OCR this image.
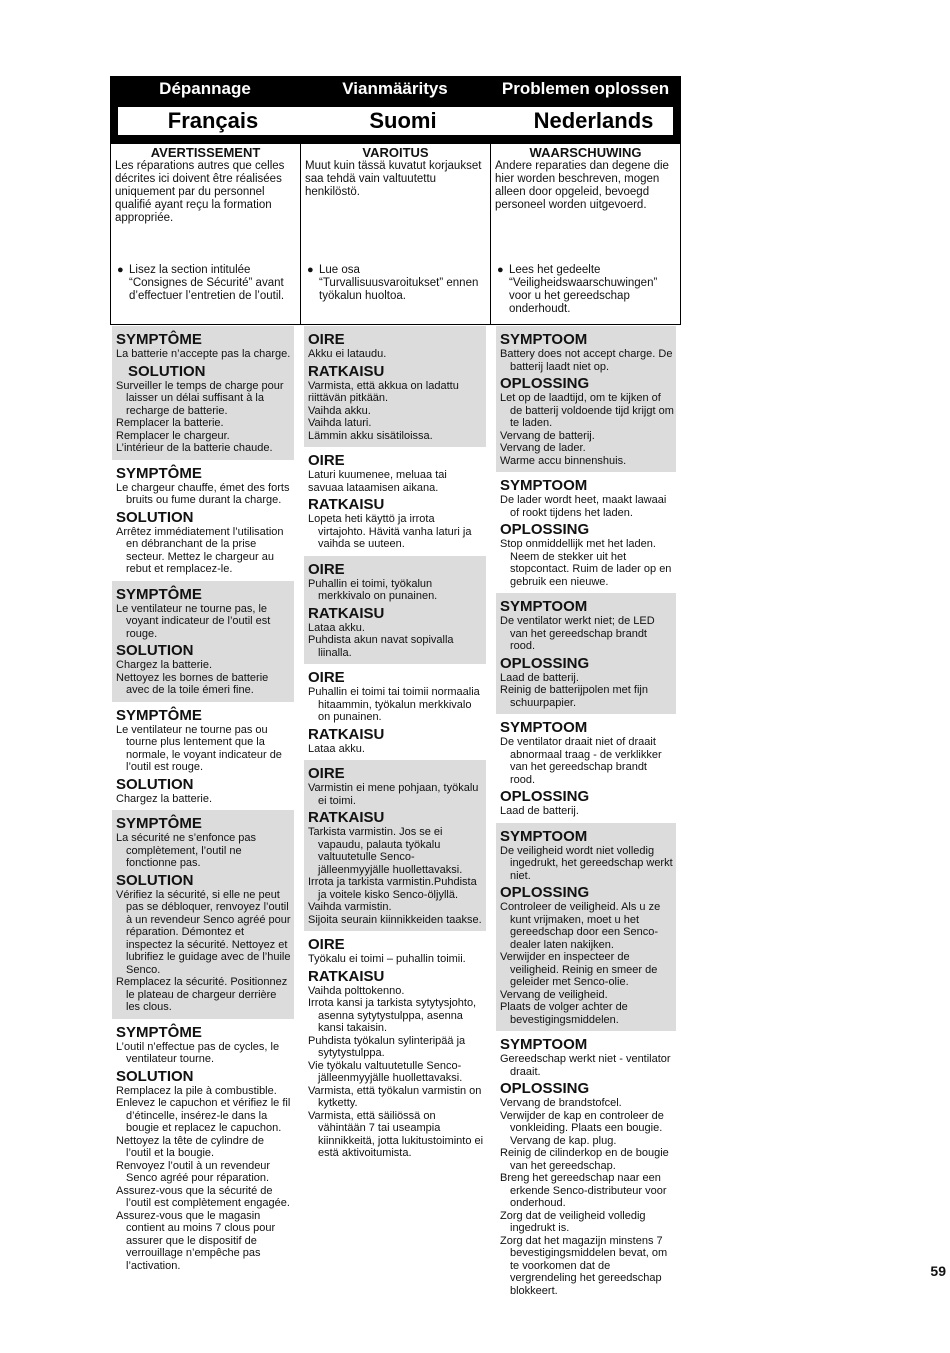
Dépannage	Vianmääritys	Problemen oplossen
Français	Suomi	Nederlands
AVERTISSEMENT
Les réparations autres que celles décrites ici doivent être réalisées uniquement par du personnel qualifié ayant reçu la formation appropriée.
● Lisez la section intitulée “Consignes de Sécurité” avant d’effectuer l’entretien de l’outil.
VAROITUS
Muut kuin tässä kuvatut korjaukset saa tehdä vain valtuutettu henkilöstö.
● Lue osa “Turvallisuusvaroitukset” ennen työkalun huoltoa.
WAARSCHUWING
Andere reparaties dan degene die hier worden beschreven, mogen alleen door opgeleid, bevoegd personeel worden uitgevoerd.
● Lees het gedeelte “Veiligheidswaarschuwingen” voor u het gereedschap onderhoudt.
SYMPTÔME
La batterie n’accepte pas la charge.
SOLUTION
Surveiller le temps de charge pour laisser un délai suffisant à la recharge de batterie.
Remplacer la batterie.
Remplacer le chargeur.
L’intérieur de la batterie chaude.
SYMPTÔME
Le chargeur chauffe, émet des forts bruits ou fume durant la charge.
SOLUTION
Arrêtez immédiatement l’utilisation en débranchant de la prise secteur. Mettez le chargeur au rebut et remplacez-le.
SYMPTÔME
Le ventilateur ne tourne pas, le voyant indicateur de l’outil est rouge.
SOLUTION
Chargez la batterie.
Nettoyez les bornes de batterie avec de la toile émeri fine.
SYMPTÔME
Le ventilateur ne tourne pas ou tourne plus lentement que la normale, le voyant indicateur de l’outil est rouge.
SOLUTION
Chargez la batterie.
SYMPTÔME
La sécurité ne s’enfonce pas complètement, l’outil ne fonctionne pas.
SOLUTION
Vérifiez la sécurité, si elle ne peut pas se débloquer, renvoyez l’outil à un revendeur Senco agréé pour réparation. Démontez et inspectez la sécurité. Nettoyez et lubrifiez le guidage avec de l’huile Senco.
Remplacez la sécurité. Positionnez le plateau de chargeur derrière les clous.
SYMPTÔME
L’outil n’effectue pas de cycles, le ventilateur tourne.
SOLUTION
Remplacez la pile à combustible.
Enlevez le capuchon et vérifiez le fil d’étincelle, insérez-le dans la bougie et replacez le capuchon.
Nettoyez la tête de cylindre de l’outil et la bougie.
Renvoyez l’outil à un revendeur Senco agréé pour réparation.
Assurez-vous que la sécurité de l’outil est complètement engagée.
Assurez-vous que le magasin contient au moins 7 clous pour assurer que le dispositif de verrouillage n’empêche pas l’activation.
OIRE
Akku ei lataudu.
RATKAISU
Varmista, että akkua on ladattu riittävän pitkään.
Vaihda akku.
Vaihda laturi.
Lämmin akku sisätiloissa.
OIRE
Laturi kuumenee, meluaa tai savuaa lataamisen aikana.
RATKAISU
Lopeta heti käyttö ja irrota virtajohto. Hävitä vanha laturi ja vaihda se uuteen.
OIRE
Puhallin ei toimi, työkalun merkkivalo on punainen.
RATKAISU
Lataa akku.
Puhdista akun navat sopivalla liinalla.
OIRE
Puhallin ei toimi tai toimii normaalia hitaammin, työkalun merkkivalo on punainen.
RATKAISU
Lataa akku.
OIRE
Varmistin ei mene pohjaan, työkalu ei toimi.
RATKAISU
Tarkista varmistin. Jos se ei vapaudu, palauta työkalu valtuutetulle Senco-jälleenmyyjälle huollettavaksi.
Irrota ja tarkista varmistin.Puhdista ja voitele kisko Senco-öljyllä.
Vaihda varmistin.
Sijoita seurain kiinnikkeiden taakse.
OIRE
Työkalu ei toimi – puhallin toimii.
RATKAISU
Vaihda polttokenno.
Irrota kansi ja tarkista sytytysjohto, asenna sytytystulppa, asenna kansi takaisin.
Puhdista työkalun sylinteripää ja sytytystulppa.
Vie työkalu valtuutetulle Senco-jälleenmyyjälle huollettavaksi.
Varmista, että työkalun varmistin on kytketty.
Varmista, että säiliössä on vähintään 7 tai useampia kiinnikkeitä, jotta lukitustoiminto ei estä aktivoitumista.
SYMPTOOM
Battery does not accept charge. De batterij laadt niet op.
OPLOSSING
Let op de laadtijd, om te kijken of de batterij voldoende tijd krijgt om te laden.
Vervang de batterij.
Vervang de lader.
Warme accu binnenshuis.
SYMPTOOM
De lader wordt heet, maakt lawaai of rookt tijdens het laden.
OPLOSSING
Stop onmiddellijk met het laden. Neem de stekker uit het stopcontact. Ruim de lader op en gebruik een nieuwe.
SYMPTOOM
De ventilator werkt niet; de LED van het gereedschap brandt rood.
OPLOSSING
Laad de batterij.
Reinig de batterijpolen met fijn schuurpapier.
SYMPTOOM
De ventilator draait niet of draait abnormaal traag - de verklikker van het gereedschap brandt rood.
OPLOSSING
Laad de batterij.
SYMPTOOM
De veiligheid wordt niet volledig ingedrukt, het gereedschap werkt niet.
OPLOSSING
Controleer de veiligheid. Als u ze kunt vrijmaken, moet u het gereedschap door een Senco-dealer laten nakijken.
Verwijder en inspecteer de veiligheid. Reinig en smeer de geleider met Senco-olie.
Vervang de veiligheid.
Plaats de volger achter de bevestigingsmiddelen.
SYMPTOOM
Gereedschap werkt niet - ventilator draait.
OPLOSSING
Vervang de brandstofcel.
Verwijder de kap en controleer de vonkleiding. Plaats een bougie. Vervang de kap. plug.
Reinig de cilinderkop en de bougie van het gereedschap.
Breng het gereedschap naar een erkende Senco-distributeur voor onderhoud.
Zorg dat de veiligheid volledig ingedrukt is.
Zorg dat het magazijn minstens 7 bevestigingsmiddelen bevat, om te voorkomen dat de vergrendeling het gereedschap blokkeert.
59
